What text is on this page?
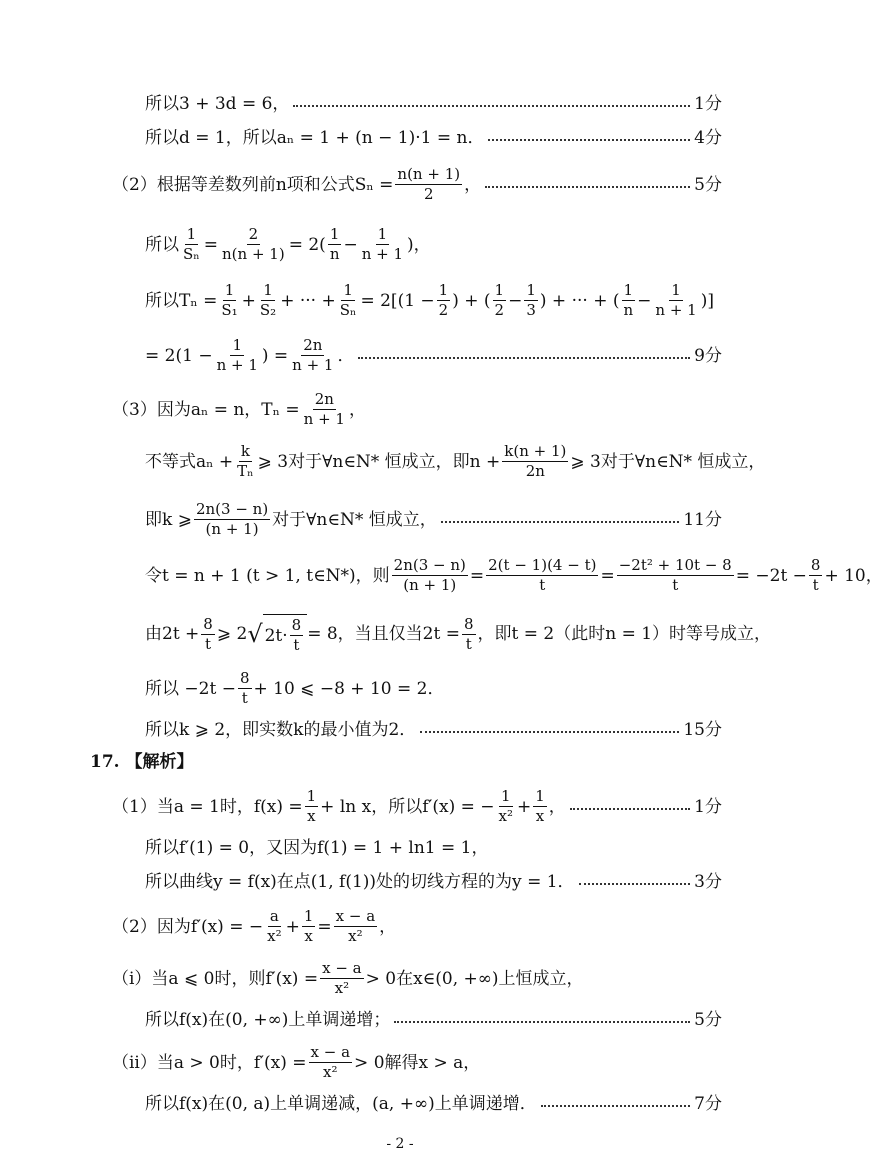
所以3 + 3d = 6，	1分
所以d = 1，所以aₙ = 1 + (n − 1)·1 = n．	4分
（2）根据等差数列前n项和公式$S_n = \frac{n(n + 1)}{2}$ ，	5分
所以 $\frac{1}{\text{Sₙ}} = \frac{2}{n(n + 1)} = 2( \frac{1}{n} - \frac{1}{n + 1}$ )，
所以$T_n = \frac{1}{\text{S₁}} + \frac{1}{\text{S₂}}$ + ··· + $\frac{1}{\text{Sₙ}} = 2[(1 - \frac{1}{2}$ ) + ( $\frac{1}{2} - \frac{1}{3}$ ) + ··· + ( $\frac{1}{n} - \frac{1}{n + 1}$ )]
= $2(1 - \frac{1}{n + 1}$ ) = $\frac{2n}{n + 1}$ ．	9分
（3）因为aₙ = n，$T_n = \frac{2n}{n + 1}$ ，
不等式$a_n + \frac{k}{\text{Tₙ}}$ ⩾ 3对于∀n∈N* 恒成立，即$n + \frac{k(n + 1)}{2n}$ ⩾ 3对于∀n∈N* 恒成立，
即k ⩾ $\frac{2n(3 - n)}{(n + 1)}$ 对于∀n∈N* 恒成立，	11分
令t = n + 1 (t > 1, t∈N*)，则 $\frac{2n(3 - n)}{(n + 1)} = \frac{2(t - 1)(4 - t)}{t} = \frac{\text{−2t² + 10t − 8}}{t} = -2t - \frac{8}{t} + 10$，
由$2t + \frac{8}{t}$ ⩾ 2 √ $2t\cdot \frac{8}{t} = 8$，当且仅当$2t = \frac{8}{t}$ ，即t = 2（此时n = 1）时等号成立，
所以 $-2t - \frac{8}{t} + 10$ ⩽ −8 + 10 = 2．
所以k ⩾ 2，即实数k的最小值为2．	15分
17. 【解析】
（1）当a = 1时，$f(x) = \frac{1}{x} + \ln x$，所以f′(x) = − $\frac{1}{\text{x²}} + \frac{1}{x}$ ，	1分
所以f′(1) = 0，又因为f(1) = 1 + ln1 = 1，
所以曲线y = f(x)在点(1, f(1))处的切线方程的为y = 1．	3分
（2）因为f′(x) = − $\frac{a}{\text{x²}} + \frac{1}{x} = \frac{x - a}{\text{x²}}$ ，
（i）当a ⩽ 0时，则$f'(x) = \frac{x - a}{\text{x²}} > 0$在x∈(0, +∞)上恒成立，
所以f(x)在(0, +∞)上单调递增；	5分
（ii）当a > 0时，$f'(x) = \frac{x - a}{\text{x²}} > 0$解得x > a，
所以f(x)在(0, a)上单调递减，(a, +∞)上单调递增．	7分
- 2 -
